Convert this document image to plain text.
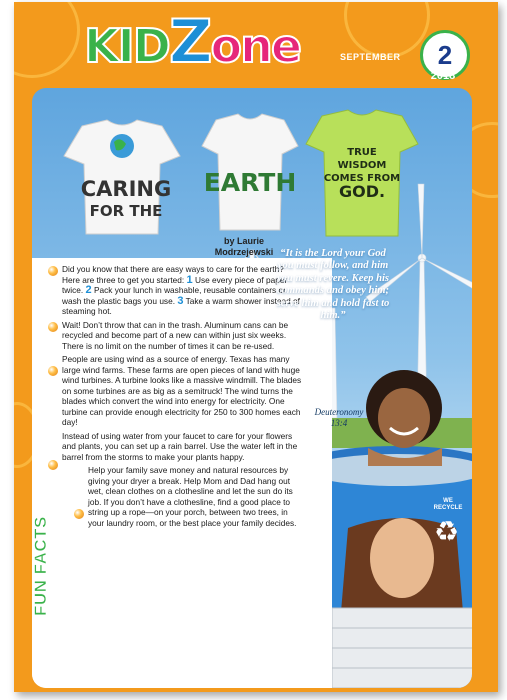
KIDZone	SEPTEMBER	2
2018
CARING
FOR THE
EARTH
TRUE WISDOM
COMES FROM
GOD.
by Laurie
Modrzejewski

Did you know that there are easy ways to care for the earth? Here are three to get you started: 1 Use every piece of paper twice. 2 Pack your lunch in washable, reusable containers or wash the plastic bags you use. 3 Take a warm shower instead of steaming hot.

Wait! Don’t throw that can in the trash. Aluminum cans can be recycled and become part of a new can within just six weeks. There is no limit on the number of times it can be re-used.

People are using wind as a source of energy. Texas has many large wind farms. These farms are open pieces of land with huge wind turbines. A turbine looks like a massive windmill. The blades on some turbines are as big as a semitruck! The wind turns the blades which convert the wind into energy for electricity. One turbine can provide enough electricity for 250 to 300 homes each day!

Instead of using water from your faucet to care for your flowers and plants, you can set up a rain barrel. Use the water left in the barrel from the storms to make your plants happy.

Help your family save money and natural resources by giving your dryer a break. Help Mom and Dad hang out wet, clean clothes on a clothesline and let the sun do its job. If you don’t have a clothesline, find a good place to string up a rope—on your porch, between two trees, in your laundry room, or the best place your family decides.

FUN FACTS
“It is the Lord your God you must follow, and him you must revere. Keep his commands and obey him; serve him and hold fast to him.”
Deuteronomy
13:4
WE
RECYCLE
♻
